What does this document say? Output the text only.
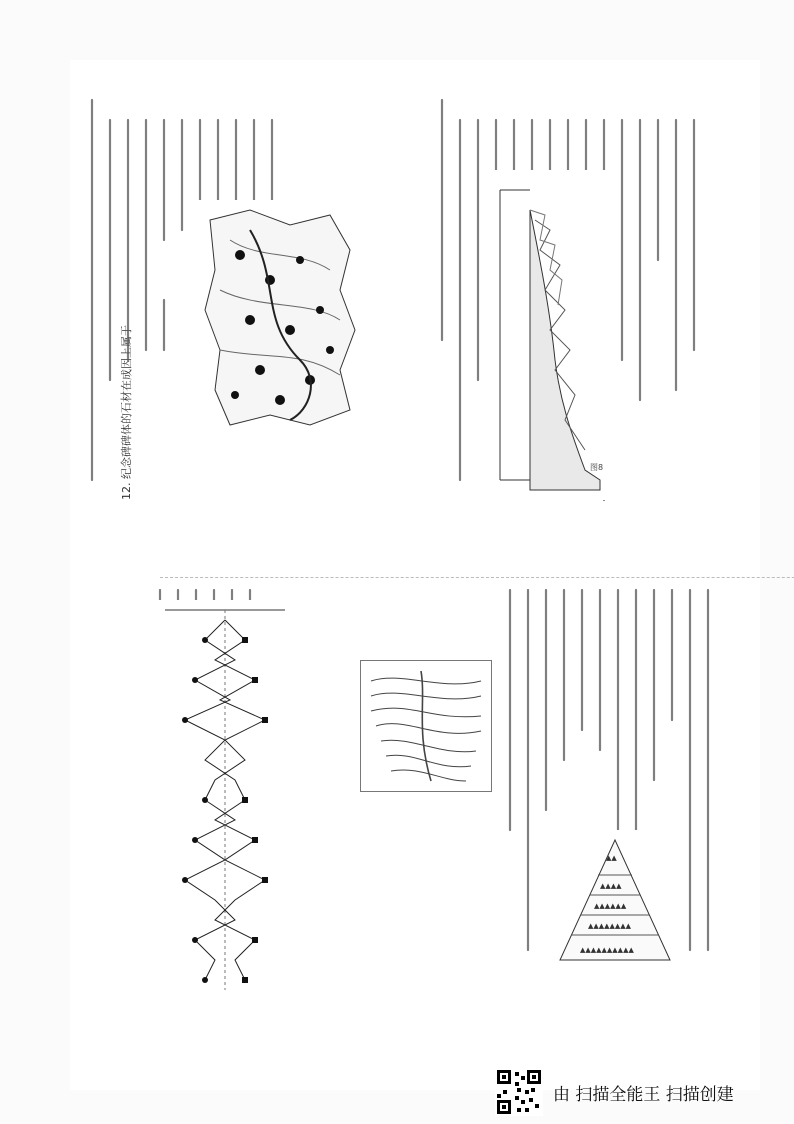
12. 纪念碑碑体的石材在成因上属于	图8
▲▲
▲▲▲▲
▲▲▲▲▲▲
▲▲▲▲▲▲▲▲
▲▲▲▲▲▲▲▲▲▲
由 扫描全能王 扫描创建
